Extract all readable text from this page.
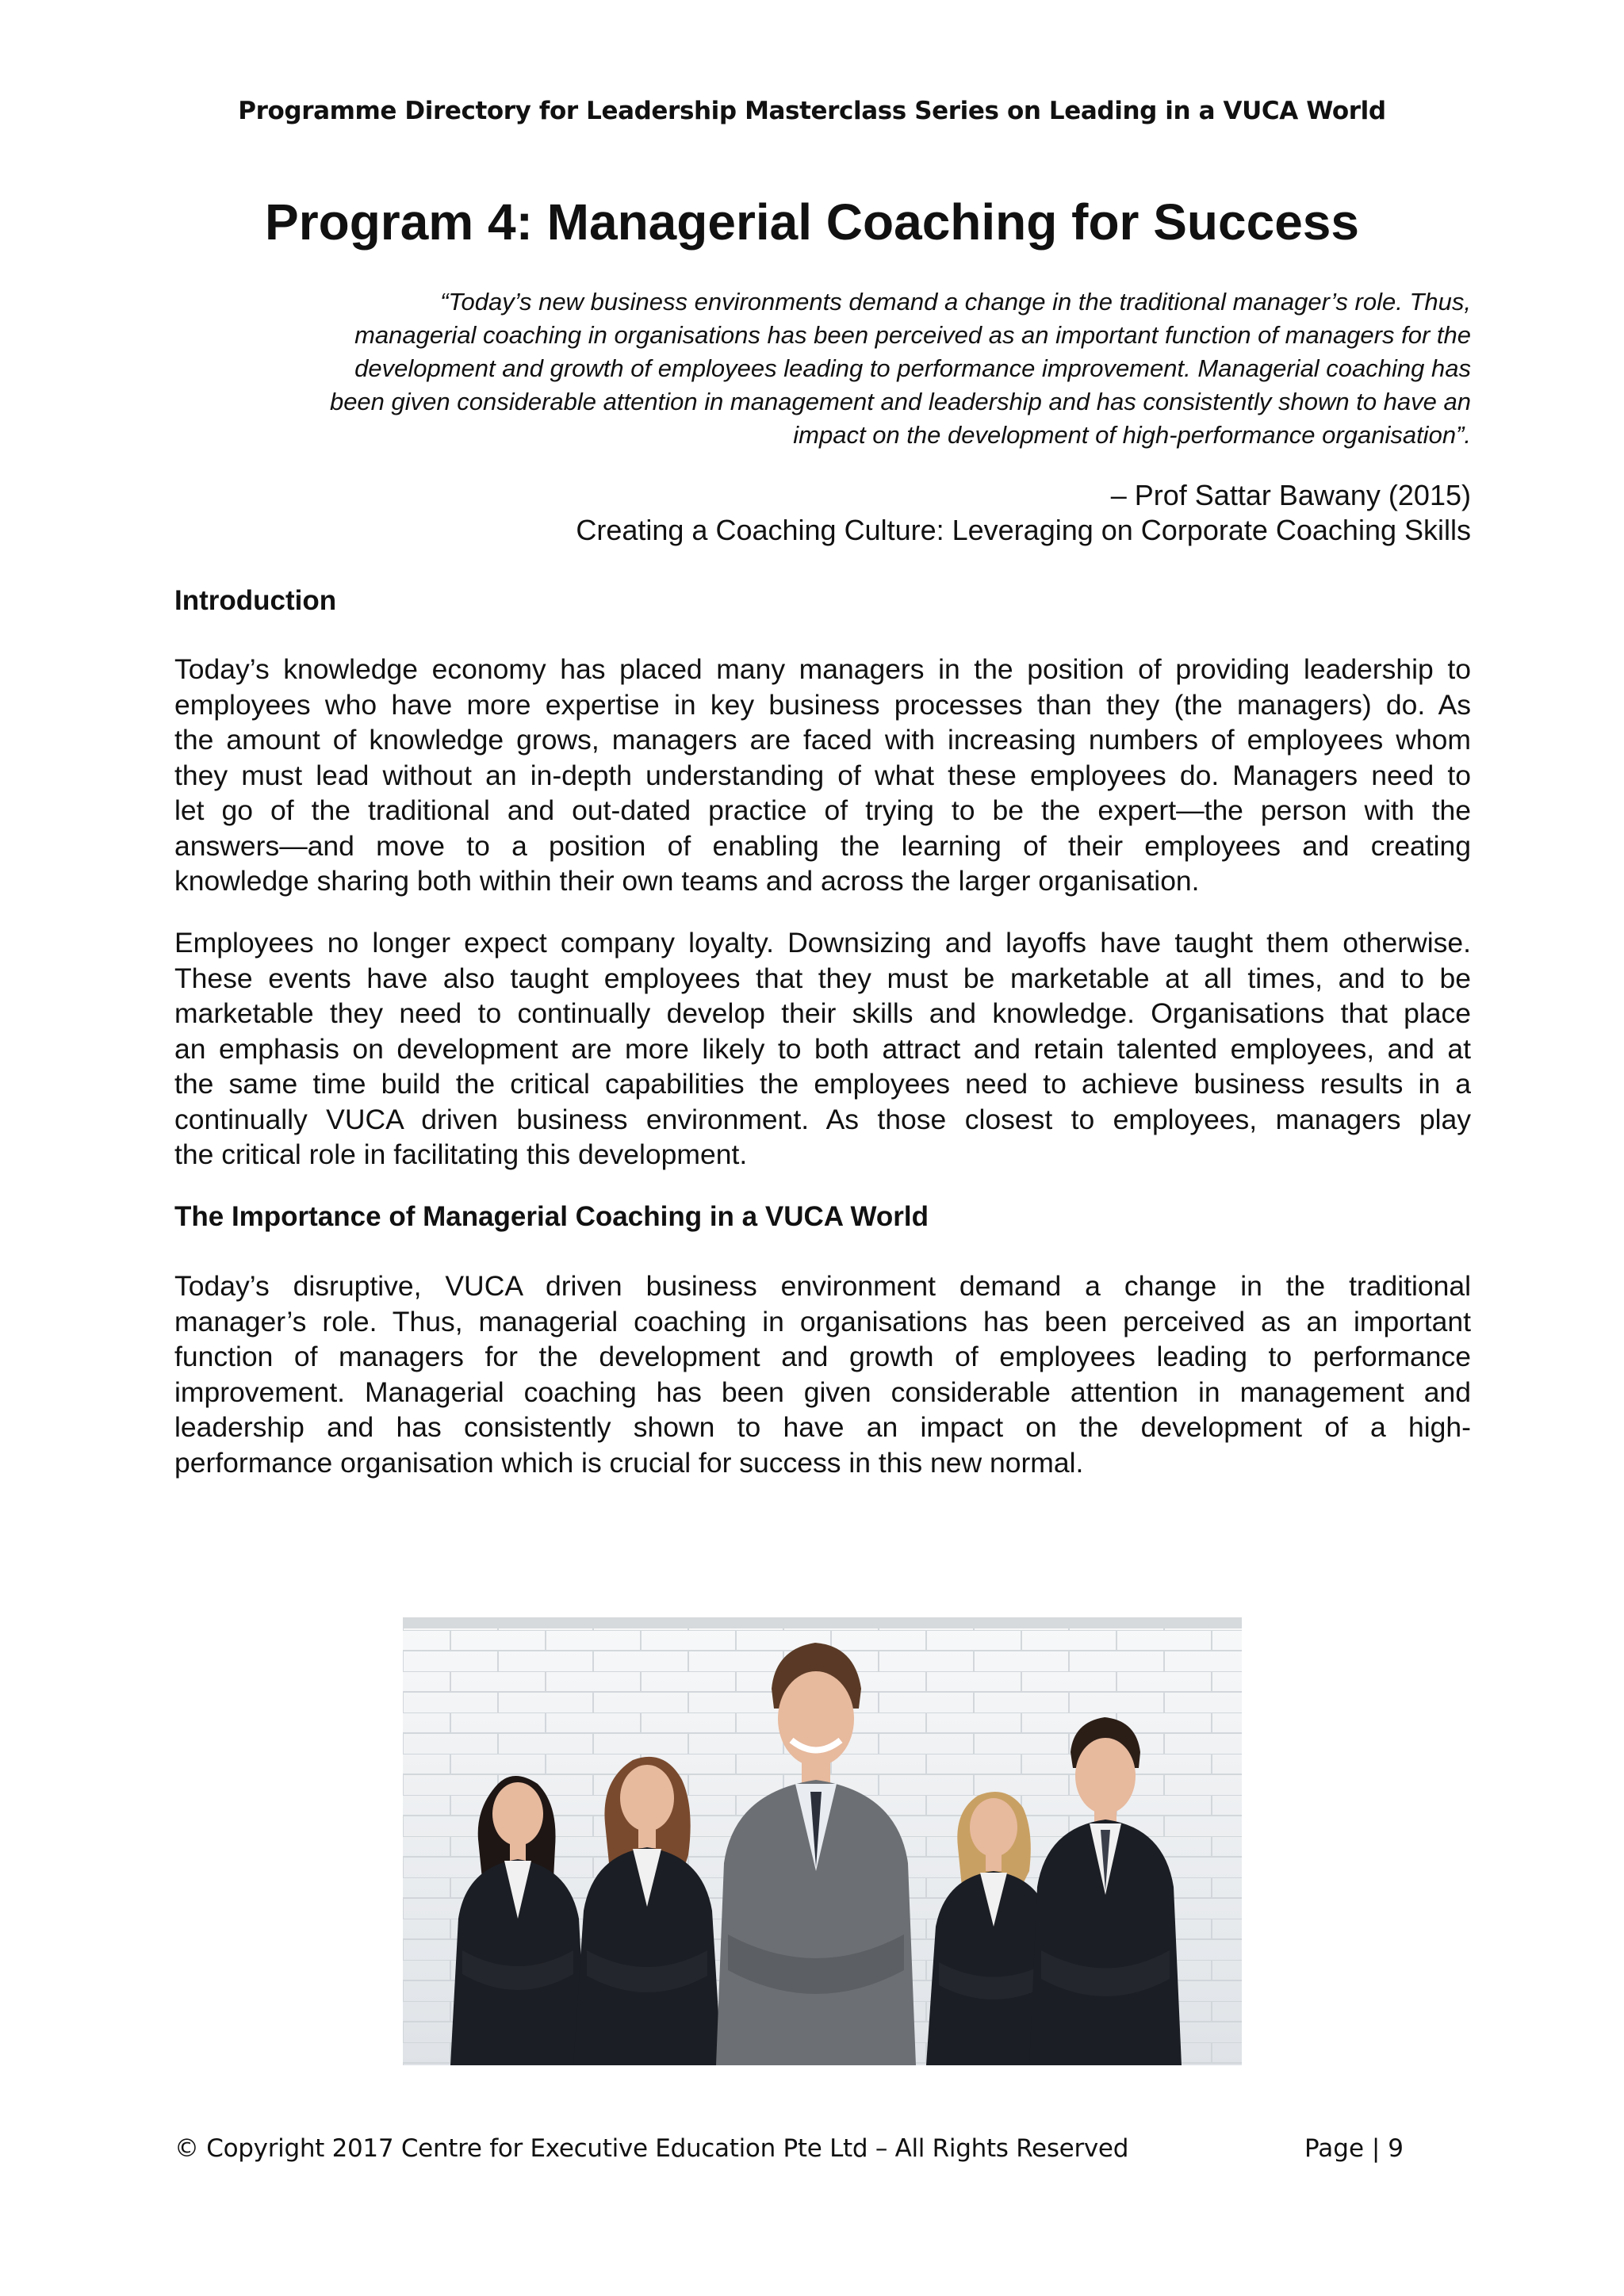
Programme Directory for Leadership Masterclass Series on Leading in a VUCA World
Program 4: Managerial Coaching for Success

“Today’s new business environments demand a change in the traditional manager’s role. Thus,
managerial coaching in organisations has been perceived as an important function of managers for the
development and growth of employees leading to performance improvement. Managerial coaching has
been given considerable attention in management and leadership and has consistently shown to have an
impact on the development of high-performance organisation”.

– Prof Sattar Bawany (2015)
Creating a Coaching Culture: Leveraging on Corporate Coaching Skills
Introduction

Today’s knowledge economy has placed many managers in the position of providing leadership to
employees who have more expertise in key business processes than they (the managers) do. As
the amount of knowledge grows, managers are faced with increasing numbers of employees whom
they must lead without an in-depth understanding of what these employees do. Managers need to
let go of the traditional and out-dated practice of trying to be the expert—the person with the
answers—and move to a position of enabling the learning of their employees and creating
knowledge sharing both within their own teams and across the larger organisation.

Employees no longer expect company loyalty. Downsizing and layoffs have taught them otherwise.
These events have also taught employees that they must be marketable at all times, and to be
marketable they need to continually develop their skills and knowledge. Organisations that place
an emphasis on development are more likely to both attract and retain talented employees, and at
the same time build the critical capabilities the employees need to achieve business results in a
continually VUCA driven business environment. As those closest to employees, managers play
the critical role in facilitating this development.

The Importance of Managerial Coaching in a VUCA World

Today’s disruptive, VUCA driven business environment demand a change in the traditional
manager’s role. Thus, managerial coaching in organisations has been perceived as an important
function of managers for the development and growth of employees leading to performance
improvement. Managerial coaching has been given considerable attention in management and
leadership and has consistently shown to have an impact on the development of a high-
performance organisation which is crucial for success in this new normal.

© Copyright 2017 Centre for Executive Education Pte Ltd – All Rights Reserved	Page | 9
